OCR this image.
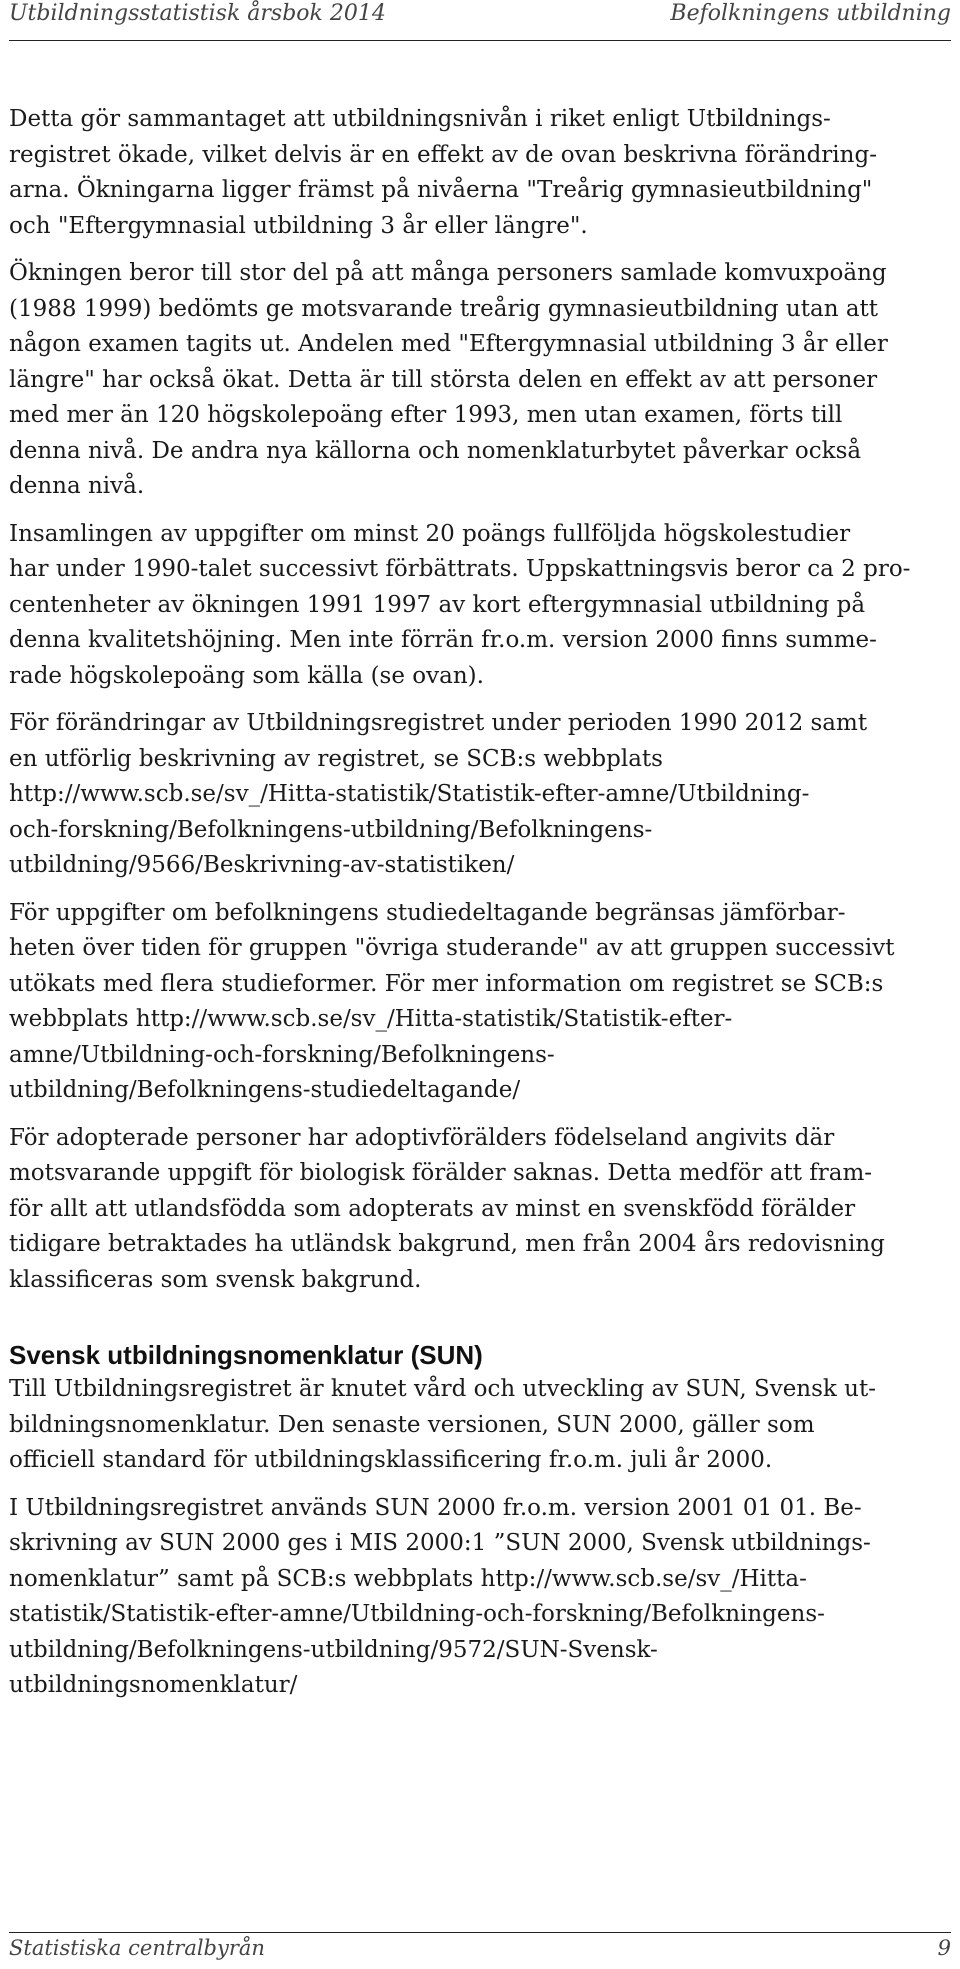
Utbildningsstatistisk årsbok 2014	Befolkningens utbildning

Detta gör sammantaget att utbildningsnivån i riket enligt Utbildnings-
registret ökade, vilket delvis är en effekt av de ovan beskrivna förändring-
arna. Ökningarna ligger främst på nivåerna "Treårig gymnasieutbildning"
och "Eftergymnasial utbildning 3 år eller längre".

Ökningen beror till stor del på att många personers samlade komvuxpoäng
(1988 1999) bedömts ge motsvarande treårig gymnasieutbildning utan att
någon examen tagits ut. Andelen med "Eftergymnasial utbildning 3 år eller
längre" har också ökat. Detta är till största delen en effekt av att personer
med mer än 120 högskolepoäng efter 1993, men utan examen, förts till
denna nivå. De andra nya källorna och nomenklaturbytet påverkar också
denna nivå.

Insamlingen av uppgifter om minst 20 poängs fullföljda högskolestudier
har under 1990-talet successivt förbättrats. Uppskattningsvis beror ca 2 pro-
centenheter av ökningen 1991 1997 av kort eftergymnasial utbildning på
denna kvalitetshöjning. Men inte förrän fr.o.m. version 2000 finns summe-
rade högskolepoäng som källa (se ovan).

För förändringar av Utbildningsregistret under perioden 1990 2012 samt
en utförlig beskrivning av registret, se SCB:s webbplats
http://www.scb.se/sv_/Hitta-statistik/Statistik-efter-amne/Utbildning-
och-forskning/Befolkningens-utbildning/Befolkningens-
utbildning/9566/Beskrivning-av-statistiken/

För uppgifter om befolkningens studiedeltagande begränsas jämförbar-
heten över tiden för gruppen "övriga studerande" av att gruppen successivt
utökats med flera studieformer. För mer information om registret se SCB:s
webbplats http://www.scb.se/sv_/Hitta-statistik/Statistik-efter-
amne/Utbildning-och-forskning/Befolkningens-
utbildning/Befolkningens-studiedeltagande/

För adopterade personer har adoptivförälders födelseland angivits där
motsvarande uppgift för biologisk förälder saknas. Detta medför att fram-
för allt att utlandsfödda som adopterats av minst en svenskfödd förälder
tidigare betraktades ha utländsk bakgrund, men från 2004 års redovisning
klassificeras som svensk bakgrund.

Svensk utbildningsnomenklatur (SUN)

Till Utbildningsregistret är knutet vård och utveckling av SUN, Svensk ut-
bildningsnomenklatur. Den senaste versionen, SUN 2000, gäller som
officiell standard för utbildningsklassificering fr.o.m. juli år 2000.

I Utbildningsregistret används SUN 2000 fr.o.m. version 2001 01 01. Be-
skrivning av SUN 2000 ges i MIS 2000:1 ”SUN 2000, Svensk utbildnings-
nomenklatur” samt på SCB:s webbplats http://www.scb.se/sv_/Hitta-
statistik/Statistik-efter-amne/Utbildning-och-forskning/Befolkningens-
utbildning/Befolkningens-utbildning/9572/SUN-Svensk-
utbildningsnomenklatur/

Statistiska centralbyrån	9
